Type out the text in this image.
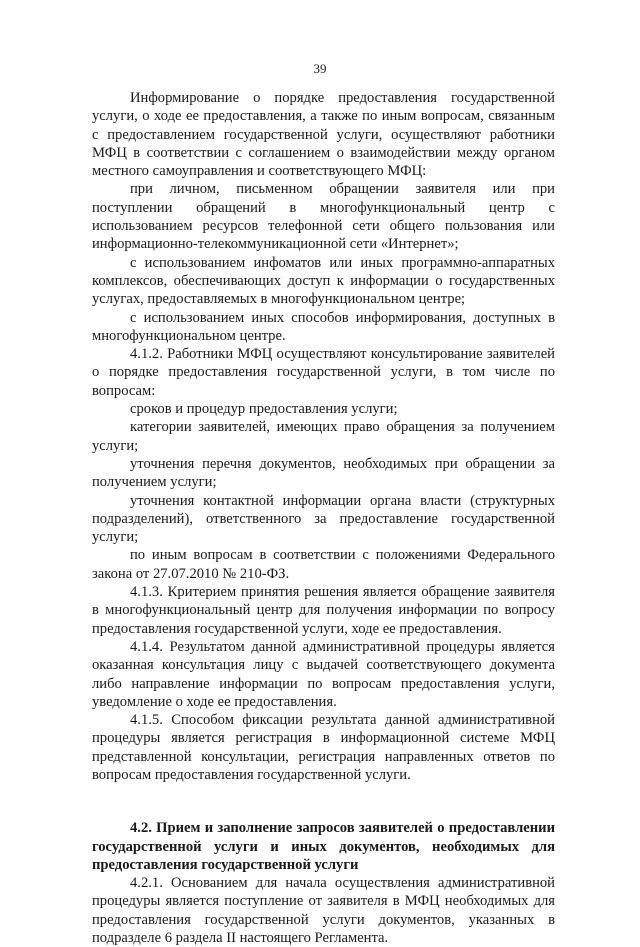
39

Информирование о порядке предоставления государственной услуги, о ходе ее предоставления, а также по иным вопросам, связанным с предоставлением государственной услуги, осуществляют работники МФЦ в соответствии с соглашением о взаимодействии между органом местного самоуправления и соответствующего МФЦ:

при личном, письменном обращении заявителя или при поступлении обращений в многофункциональный центр с использованием ресурсов телефонной сети общего пользования или информационно-телекоммуникационной сети «Интернет»;

с использованием инфоматов или иных программно-аппаратных комплексов, обеспечивающих доступ к информации о государственных услугах, предоставляемых в многофункциональном центре;

с использованием иных способов информирования, доступных в многофункциональном центре.

4.1.2. Работники МФЦ осуществляют консультирование заявителей о порядке предоставления государственной услуги, в том числе по вопросам:

сроков и процедур предоставления услуги;

категории заявителей, имеющих право обращения за получением услуги;

уточнения перечня документов, необходимых при обращении за получением услуги;

уточнения контактной информации органа власти (структурных подразделений), ответственного за предоставление государственной услуги;

по иным вопросам в соответствии с положениями Федерального закона от 27.07.2010 № 210-ФЗ.

4.1.3. Критерием принятия решения является обращение заявителя в многофункциональный центр для получения информации по вопросу предоставления государственной услуги, ходе ее предоставления.

4.1.4. Результатом данной административной процедуры является оказанная консультация лицу с выдачей соответствующего документа либо направление информации по вопросам предоставления услуги, уведомление о ходе ее предоставления.

4.1.5. Способом фиксации результата данной административной процедуры является регистрация в информационной системе МФЦ представленной консультации, регистрация направленных ответов по вопросам предоставления государственной услуги.

4.2. Прием и заполнение запросов заявителей о предоставлении государственной услуги и иных документов, необходимых для предоставления государственной услуги

4.2.1. Основанием для начала осуществления административной процедуры является поступление от заявителя в МФЦ необходимых для предоставления государственной услуги документов, указанных в подразделе 6 раздела II настоящего Регламента.
